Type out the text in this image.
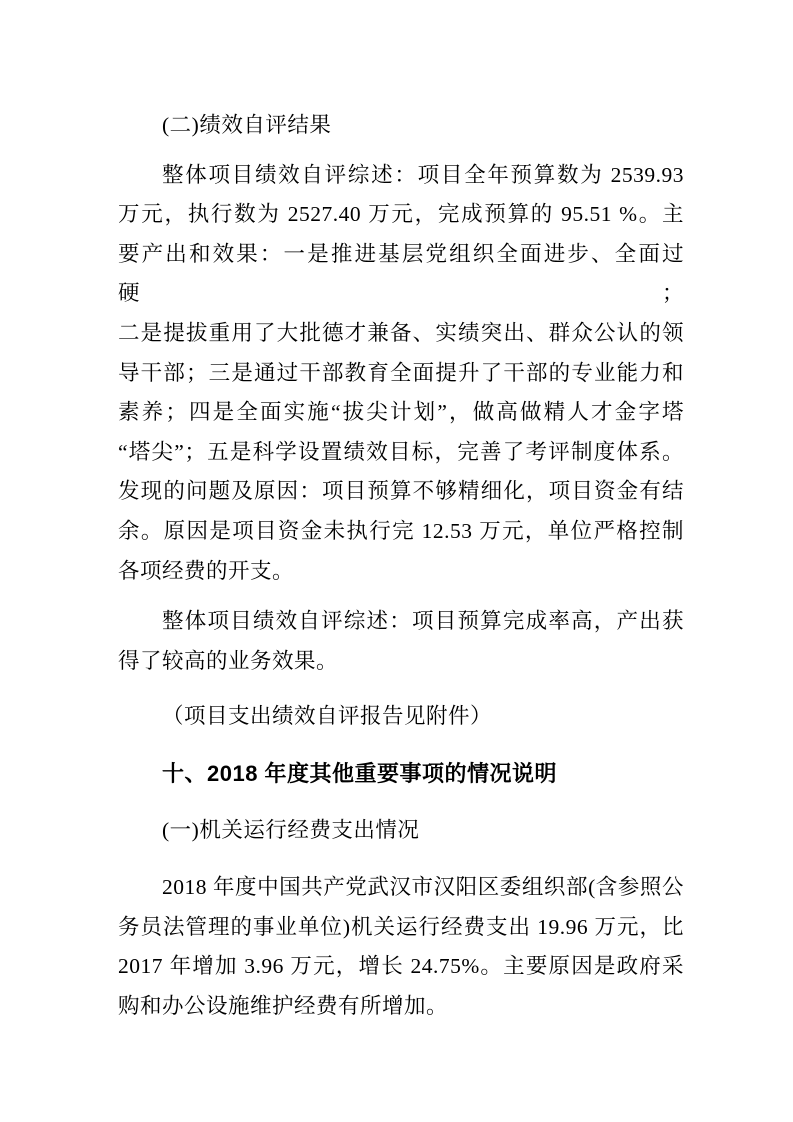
(二)绩效自评结果
整体项目绩效自评综述：项目全年预算数为 2539.93
万元，执行数为 2527.40 万元，完成预算的 95.51 %。主
要产出和效果：一是推进基层党组织全面进步、全面过硬；
二是提拔重用了大批德才兼备、实绩突出、群众公认的领
导干部；三是通过干部教育全面提升了干部的专业能力和
素养；四是全面实施“拔尖计划”，做高做精人才金字塔
“塔尖”；五是科学设置绩效目标，完善了考评制度体系。
发现的问题及原因：项目预算不够精细化，项目资金有结
余。原因是项目资金未执行完 12.53 万元，单位严格控制
各项经费的开支。
整体项目绩效自评综述：项目预算完成率高，产出获
得了较高的业务效果。
（项目支出绩效自评报告见附件）
十、2018 年度其他重要事项的情况说明
(一)机关运行经费支出情况
2018 年度中国共产党武汉市汉阳区委组织部(含参照公
务员法管理的事业单位)机关运行经费支出 19.96 万元，比
2017 年增加 3.96 万元，增长 24.75%。主要原因是政府采
购和办公设施维护经费有所增加。
